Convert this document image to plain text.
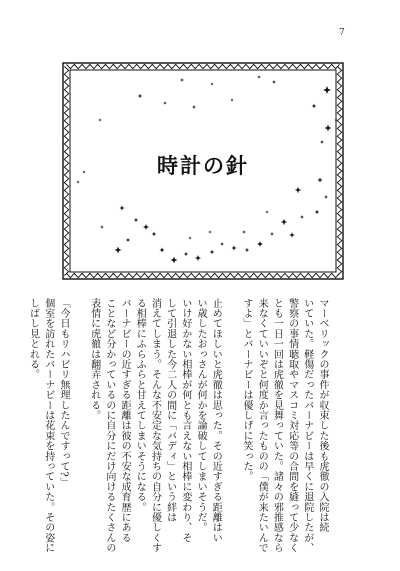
7
時計の針

マーベリックの事件が収束した後も虎徹の入院は続

いていた。軽傷だったバーナビーは早くに退院したが、

警察の事情聴取やマスコミ対応等の合間を縫って少なく

とも一日一回は虎徹を見舞っていた。諸々の邪推感なら

来なくていいぞと何度か言ったものの「僕が来たいんで

すよ」とバーナビーは優しげに笑った。

止めてほしいと虎徹は思った。その近すぎる距離はい

い歳したおっさんが何かを論破してしまいそうだ。

いけ好かない相棒が何とも言えない相棒に変わり、そ

して引退した今二人の間に「バディ」という絆は

消えてしまう。そんな不安定な気持ちの自分に優しくす

る相棒にふらふらと甘えてしまいそうになる。

バーナビーの近すぎる距離は彼の不安な成育歴にある

ことなど分かっているのに自分にだけ向けるたくさんの

表情に虎徹は翻弄される。

「今日もリハビリ無理したんですって?」

個室を訪れたバーナビーは花束を持っていた。その姿に

しばし見とれる。
